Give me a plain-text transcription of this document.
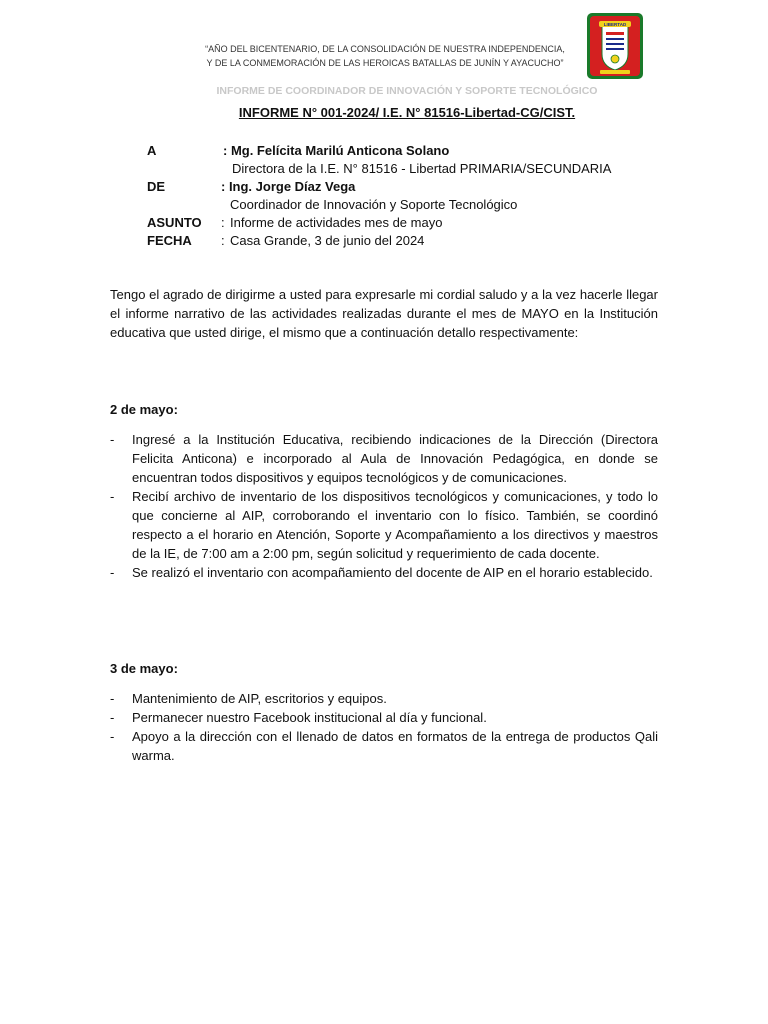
“AÑO DEL BICENTENARIO, DE LA CONSOLIDACIÓN DE NUESTRA INDEPENDENCIA,
Y DE LA CONMEMORACIÓN DE LAS HEROICAS BATALLAS DE JUNÍN Y AYACUCHO”
LIBERTAD
INFORME DE COORDINADOR DE INNOVACIÓN Y SOPORTE TECNOLÓGICO
INFORME N° 001-2024/ I.E. N° 81516-Libertad-CG/CIST.
A	: Mg. Felícita Marilú Anticona Solano
Directora de la I.E. N° 81516 - Libertad PRIMARIA/SECUNDARIA
DE	: Ing. Jorge Díaz Vega
Coordinador de Innovación y Soporte Tecnológico
ASUNTO : Informe de actividades mes de mayo
FECHA : Casa Grande, 3 de junio del 2024
Tengo el agrado de dirigirme a usted para expresarle mi cordial saludo y a la vez hacerle llegar el informe narrativo de las actividades realizadas durante el mes de MAYO en la Institución educativa que usted dirige, el mismo que a continuación detallo respectivamente:
2 de mayo:
- Ingresé a la Institución Educativa, recibiendo indicaciones de la Dirección (Directora Felicita Anticona) e incorporado al Aula de Innovación Pedagógica, en donde se encuentran todos dispositivos y equipos tecnológicos y de comunicaciones.
- Recibí archivo de inventario de los dispositivos tecnológicos y comunicaciones, y todo lo que concierne al AIP, corroborando el inventario con lo físico. También, se coordinó respecto a el horario en Atención, Soporte y Acompañamiento a los directivos y maestros de la IE, de 7:00 am a 2:00 pm, según solicitud y requerimiento de cada docente.
- Se realizó el inventario con acompañamiento del docente de AIP en el horario establecido.
3 de mayo:
- Mantenimiento de AIP, escritorios y equipos.
- Permanecer nuestro Facebook institucional al día y funcional.
- Apoyo a la dirección con el llenado de datos en formatos de la entrega de productos Qali warma.
